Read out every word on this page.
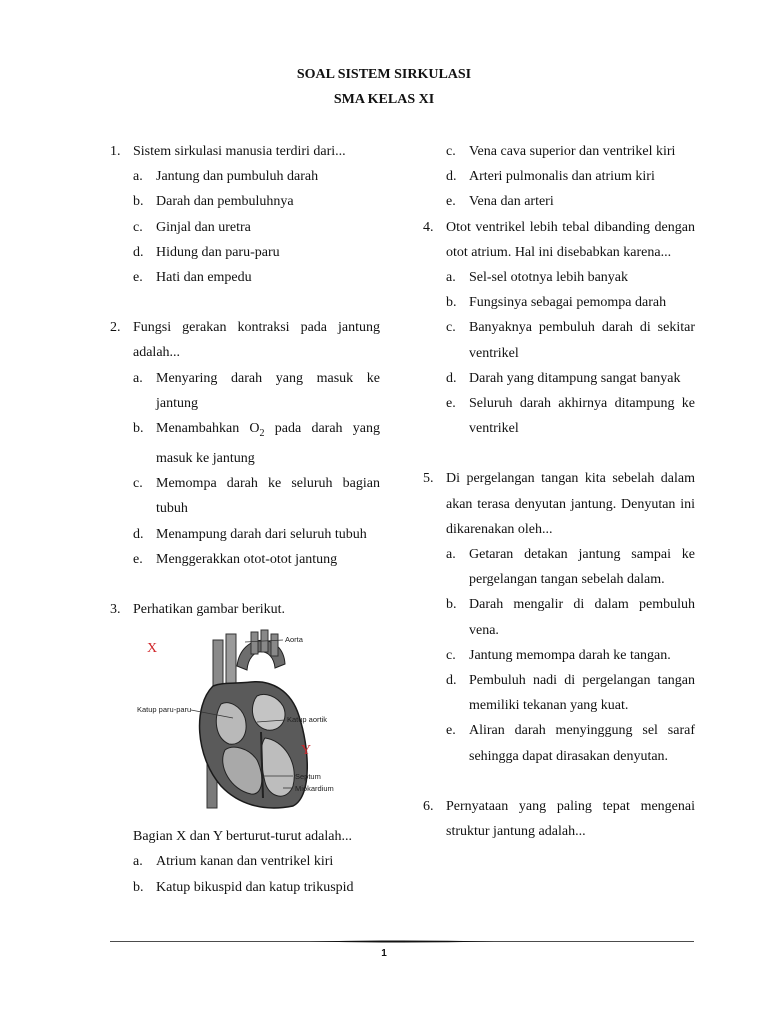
SOAL SISTEM SIRKULASI
SMA KELAS XI
1. Sistem sirkulasi manusia terdiri dari...
a. Jantung dan pumbuluh darah
b. Darah dan pembuluhnya
c. Ginjal dan uretra
d. Hidung dan paru-paru
e. Hati dan empedu
2. Fungsi gerakan kontraksi pada jantung adalah...
a. Menyaring darah yang masuk ke jantung
b. Menambahkan $O_2$ pada darah yang masuk ke jantung
c. Memompa darah ke seluruh bagian tubuh
d. Menampung darah dari seluruh tubuh
e. Menggerakkan otot-otot jantung
3. Perhatikan gambar berikut.
X
Y
Aorta
Katup paru-paru
Katup aortik
Septum
Miokardium
Bagian X dan Y berturut-turut adalah...
a. Atrium kanan dan ventrikel kiri
b. Katup bikuspid dan katup trikuspid
c. Vena cava superior dan ventrikel kiri
d. Arteri pulmonalis dan atrium kiri
e. Vena dan arteri
4. Otot ventrikel lebih tebal dibanding dengan otot atrium. Hal ini disebabkan karena...
a. Sel-sel ototnya lebih banyak
b. Fungsinya sebagai pemompa darah
c. Banyaknya pembuluh darah di sekitar ventrikel
d. Darah yang ditampung sangat banyak
e. Seluruh darah akhirnya ditampung ke ventrikel
5. Di pergelangan tangan kita sebelah dalam akan terasa denyutan jantung. Denyutan ini dikarenakan oleh...
a. Getaran detakan jantung sampai ke pergelangan tangan sebelah dalam.
b. Darah mengalir di dalam pembuluh vena.
c. Jantung memompa darah ke tangan.
d. Pembuluh nadi di pergelangan tangan memiliki tekanan yang kuat.
e. Aliran darah menyinggung sel saraf sehingga dapat dirasakan denyutan.
6. Pernyataan yang paling tepat mengenai struktur jantung adalah...
1
